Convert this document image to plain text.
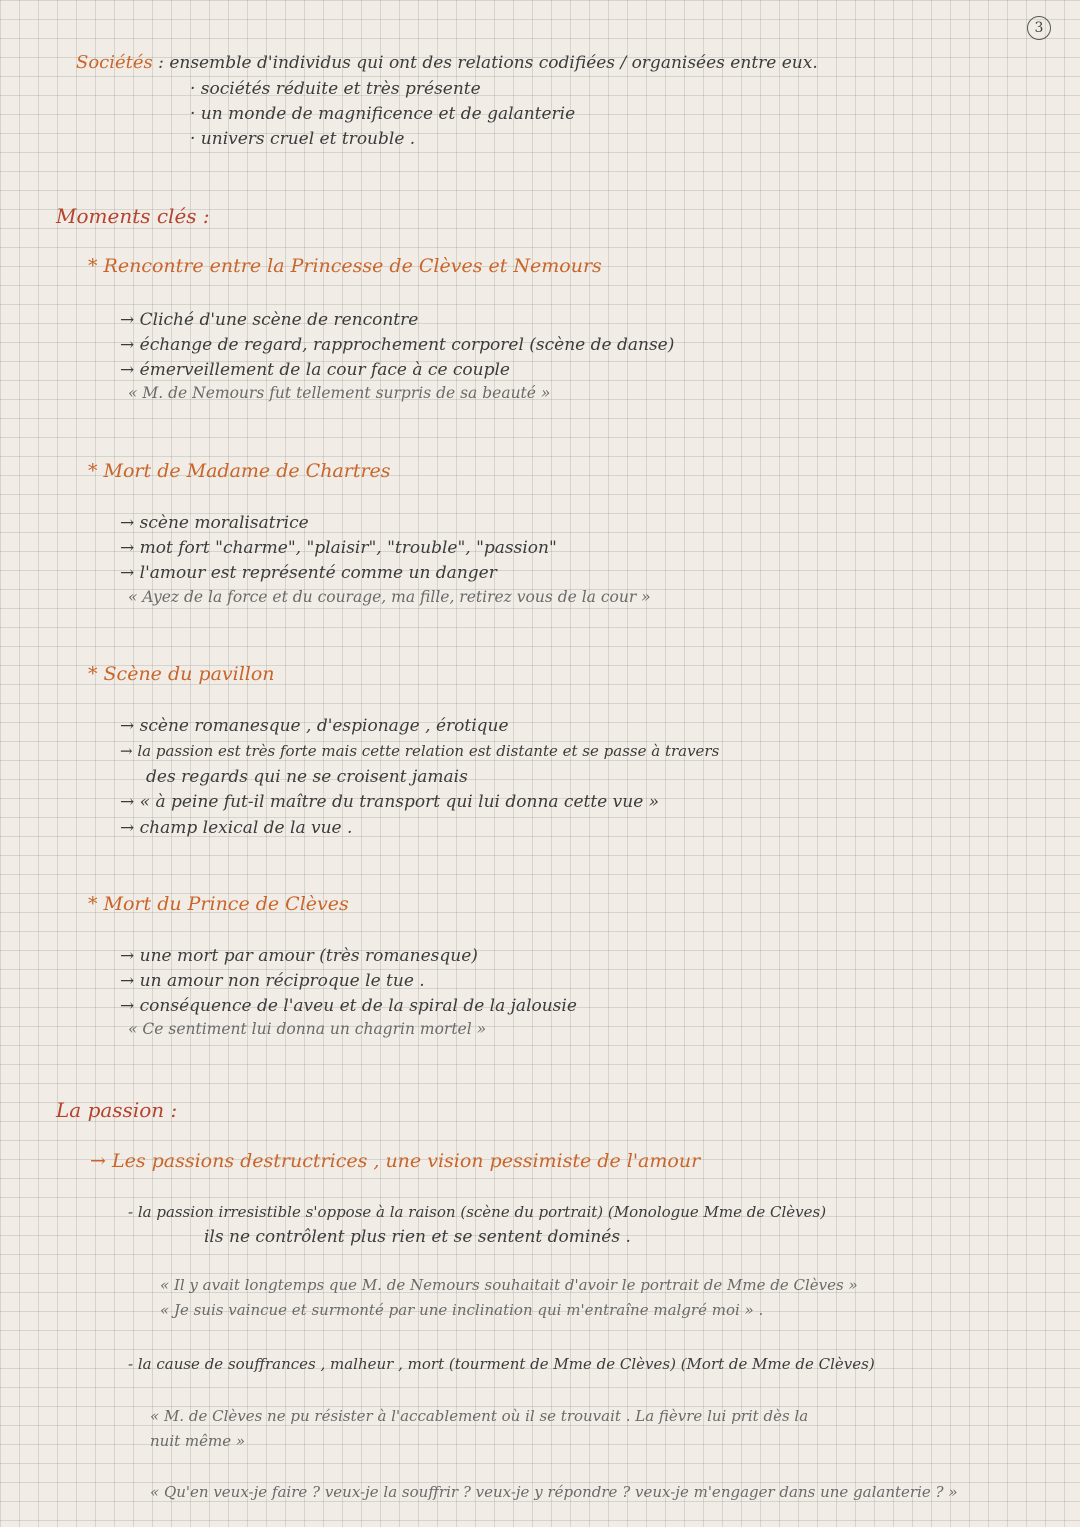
3
Sociétés : ensemble d'individus qui ont des relations codifiées / organisées entre eux.
· sociétés réduite et très présente
· un monde de magnificence et de galanterie
· univers cruel et trouble .
Moments clés :
* Rencontre entre la Princesse de Clèves et Nemours
→ Cliché d'une scène de rencontre
→ échange de regard, rapprochement corporel (scène de danse)
→ émerveillement de la cour face à ce couple
« M. de Nemours fut tellement surpris de sa beauté »
* Mort de Madame de Chartres
→ scène moralisatrice
→ mot fort "charme", "plaisir", "trouble", "passion"
→ l'amour est représenté comme un danger
« Ayez de la force et du courage, ma fille, retirez vous de la cour »
* Scène du pavillon
→ scène romanesque , d'espionage , érotique
→ la passion est très forte mais cette relation est distante et se passe à travers
des regards qui ne se croisent jamais
→ « à peine fut-il maître du transport qui lui donna cette vue »
→ champ lexical de la vue .
* Mort du Prince de Clèves
→ une mort par amour (très romanesque)
→ un amour non réciproque le tue .
→ conséquence de l'aveu et de la spiral de la jalousie
« Ce sentiment lui donna un chagrin mortel »
La passion :
→ Les passions destructrices , une vision pessimiste de l'amour
- la passion irresistible s'oppose à la raison (scène du portrait) (Monologue Mme de Clèves)
ils ne contrôlent plus rien et se sentent dominés .
« Il y avait longtemps que M. de Nemours souhaitait d'avoir le portrait de Mme de Clèves »
« Je suis vaincue et surmonté par une inclination qui m'entraîne malgré moi » .
- la cause de souffrances , malheur , mort (tourment de Mme de Clèves) (Mort de Mme de Clèves)
« M. de Clèves ne pu résister à l'accablement où il se trouvait . La fièvre lui prit dès la
nuit même »
« Qu'en veux-je faire ? veux-je la souffrir ? veux-je y répondre ? veux-je m'engager dans une galanterie ? »
